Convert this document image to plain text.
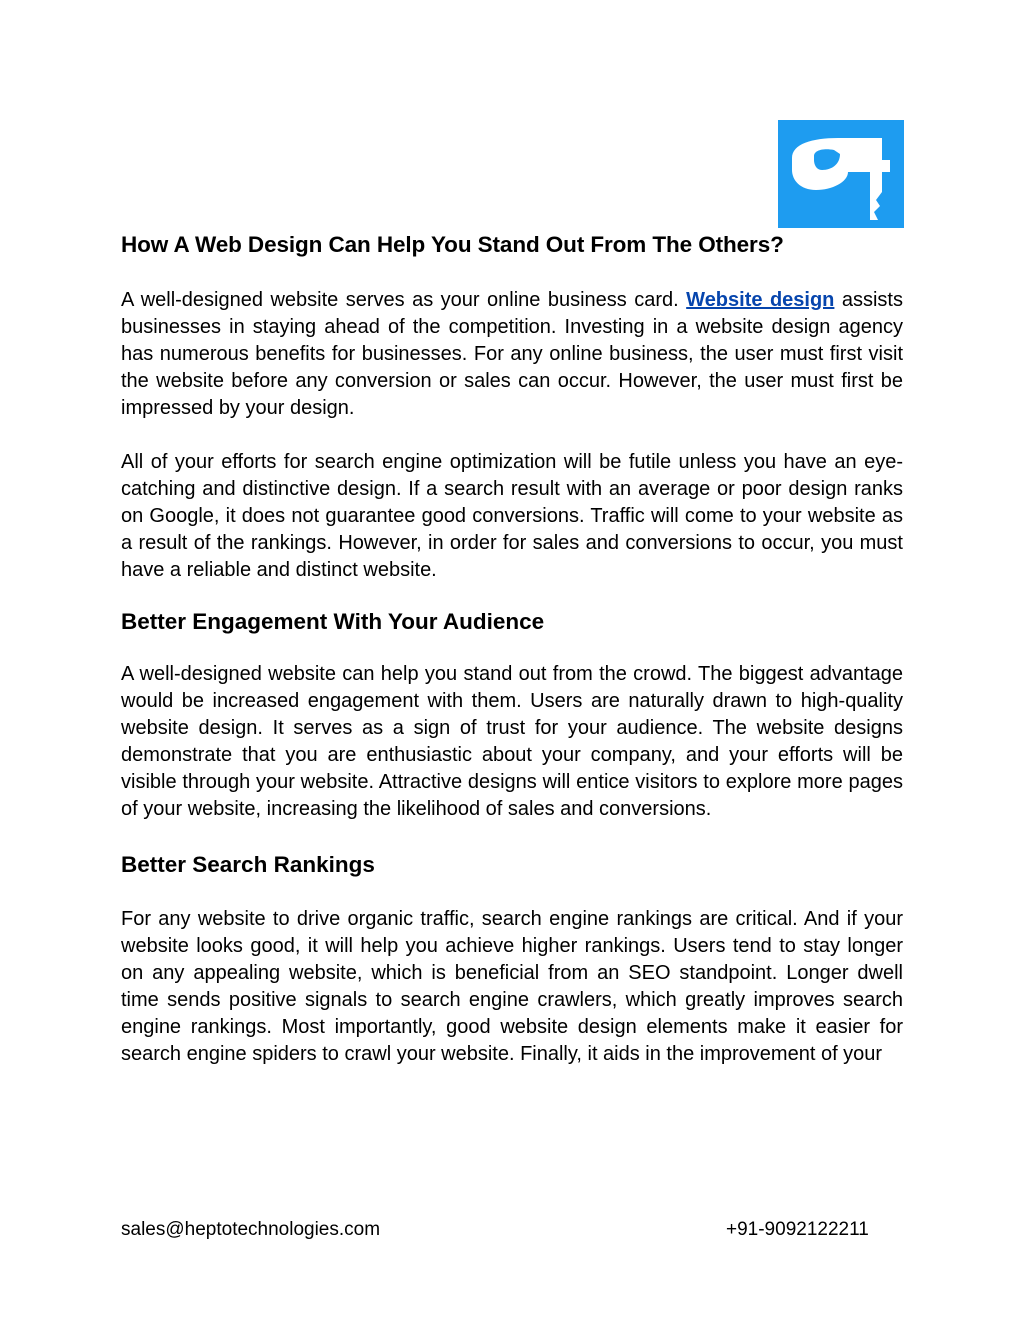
How A Web Design Can Help You Stand Out From The Others?

A well-designed website serves as your online business card. Website design assists businesses in staying ahead of the competition. Investing in a website design agency has numerous benefits for businesses. For any online business, the user must first visit the website before any conversion or sales can occur. However, the user must first be impressed by your design.

All of your efforts for search engine optimization will be futile unless you have an eye-catching and distinctive design. If a search result with an average or poor design ranks on Google, it does not guarantee good conversions. Traffic will come to your website as a result of the rankings. However, in order for sales and conversions to occur, you must have a reliable and distinct website.

Better Engagement With Your Audience

A well-designed website can help you stand out from the crowd. The biggest advantage would be increased engagement with them. Users are naturally drawn to high-quality website design. It serves as a sign of trust for your audience. The website designs demonstrate that you are enthusiastic about your company, and your efforts will be visible through your website. Attractive designs will entice visitors to explore more pages of your website, increasing the likelihood of sales and conversions.

Better Search Rankings

For any website to drive organic traffic, search engine rankings are critical. And if your website looks good, it will help you achieve higher rankings. Users tend to stay longer on any appealing website, which is beneficial from an SEO standpoint. Longer dwell time sends positive signals to search engine crawlers, which greatly improves search engine rankings. Most importantly, good website design elements make it easier for search engine spiders to crawl your website. Finally, it aids in the improvement of your

sales@heptotechnologies.com	+91-9092122211
